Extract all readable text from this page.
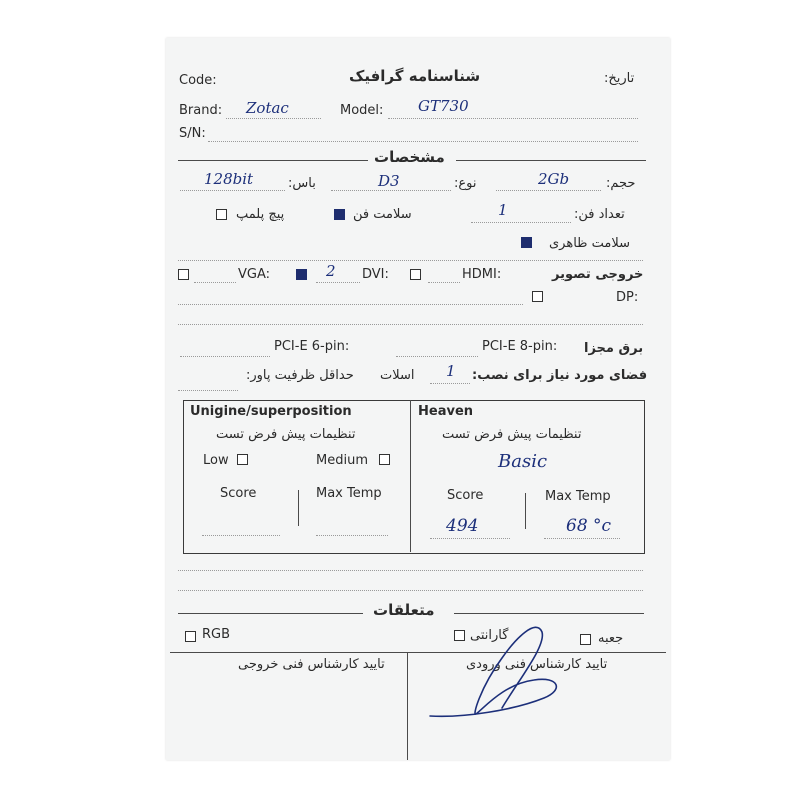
Code:	شناسنامه گرافیک	تاریخ:
Brand: Zotac	Model: GT730
S/N:
مشخصات
حجم:
2Gb
نوع:
D3
باس:
128bit
تعداد فن:
1
سلامت فن
پیچ پلمپ
سلامت ظاهری
خروجی تصویر
HDMI:
DVI:
2
VGA:
DP:
برق مجزا
PCI-E 8-pin:
PCI-E 6-pin:
فضای مورد نیاز برای نصب:
1
اسلات
حداقل ظرفیت پاور:
Unigine/superposition
تنظیمات پیش فرض تست
Low	Medium
Score	Max Temp
Heaven
تنظیمات پیش فرض تست
Basic
Score	Max Temp
494	68 °c
متعلقات
جعبه
گارانتی
RGB
تایید کارشناس فنی ورودی
تایید کارشناس فنی خروجی
